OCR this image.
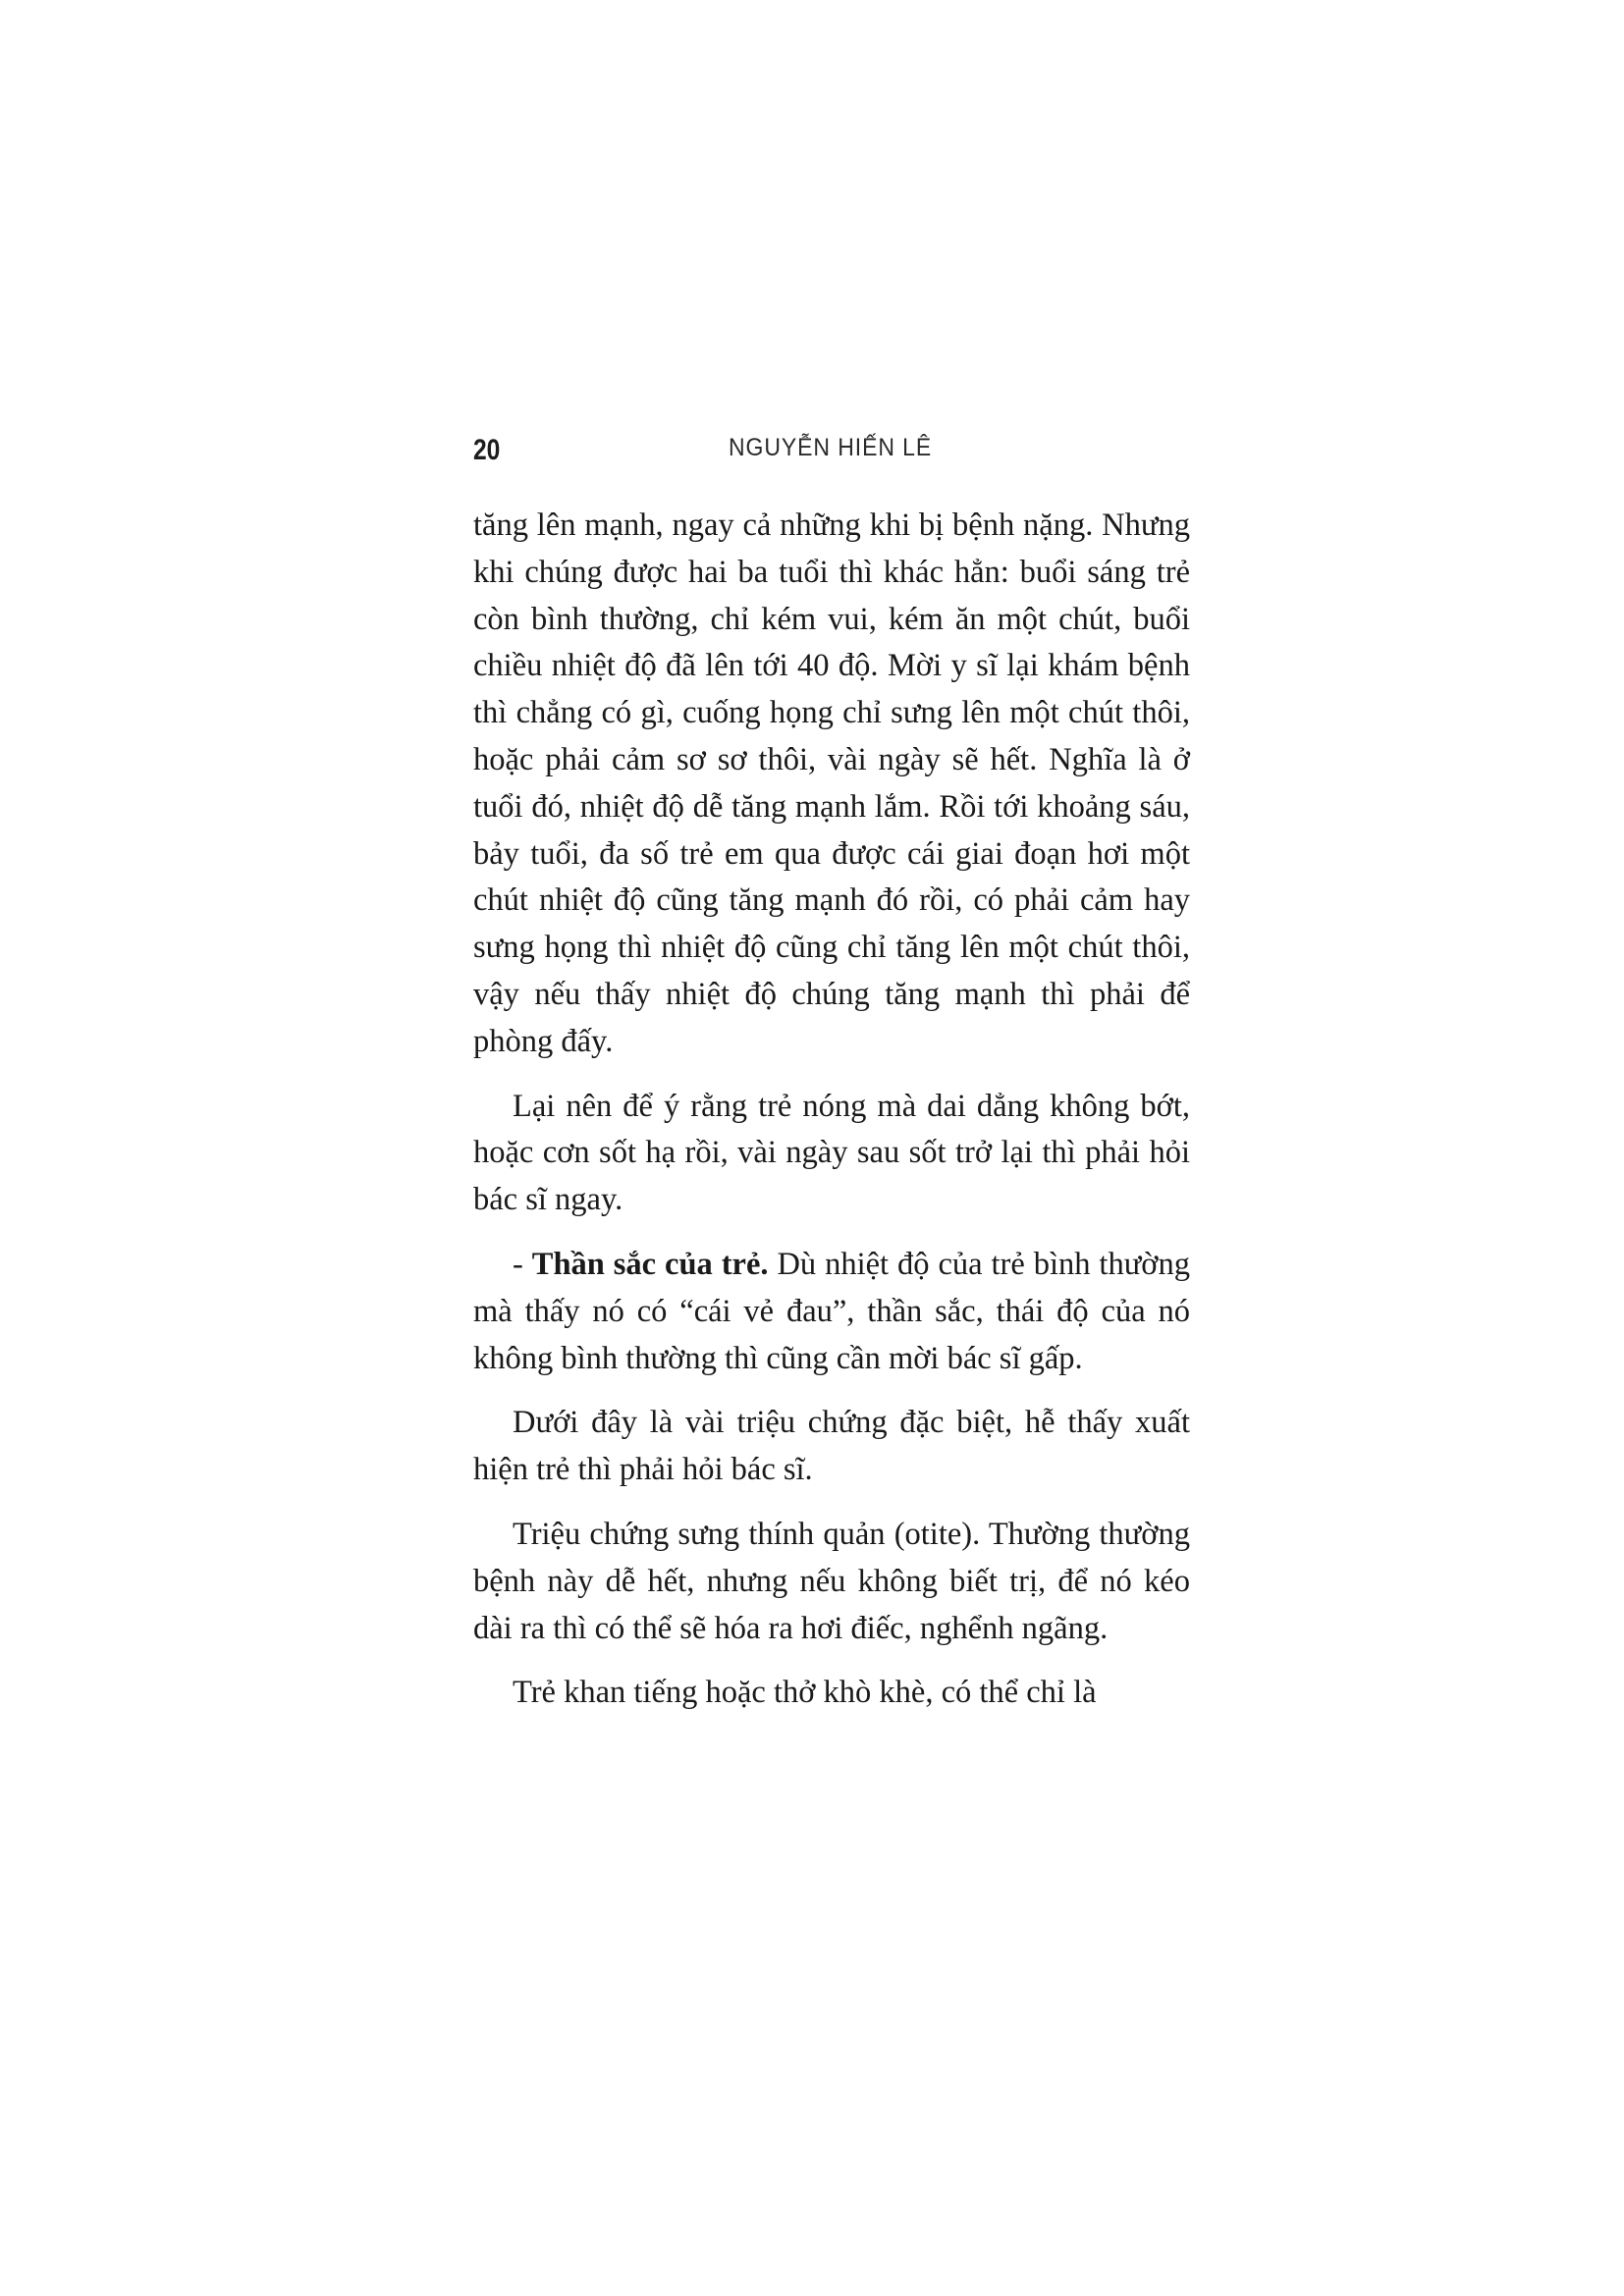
20	NGUYỄN HIẾN LÊ

tăng lên mạnh, ngay cả những khi bị bệnh nặng. Nhưng khi chúng được hai ba tuổi thì khác hẳn: buổi sáng trẻ còn bình thường, chỉ kém vui, kém ăn một chút, buổi chiều nhiệt độ đã lên tới 40 độ. Mời y sĩ lại khám bệnh thì chẳng có gì, cuống họng chỉ sưng lên một chút thôi, hoặc phải cảm sơ sơ thôi, vài ngày sẽ hết. Nghĩa là ở tuổi đó, nhiệt độ dễ tăng mạnh lắm. Rồi tới khoảng sáu, bảy tuổi, đa số trẻ em qua được cái giai đoạn hơi một chút nhiệt độ cũng tăng mạnh đó rồi, có phải cảm hay sưng họng thì nhiệt độ cũng chỉ tăng lên một chút thôi, vậy nếu thấy nhiệt độ chúng tăng mạnh thì phải để phòng đấy.

Lại nên để ý rằng trẻ nóng mà dai dẳng không bớt, hoặc cơn sốt hạ rồi, vài ngày sau sốt trở lại thì phải hỏi bác sĩ ngay.

- Thần sắc của trẻ. Dù nhiệt độ của trẻ bình thường mà thấy nó có “cái vẻ đau”, thần sắc, thái độ của nó không bình thường thì cũng cần mời bác sĩ gấp.

Dưới đây là vài triệu chứng đặc biệt, hễ thấy xuất hiện trẻ thì phải hỏi bác sĩ.

Triệu chứng sưng thính quản (otite). Thường thường bệnh này dễ hết, nhưng nếu không biết trị, để nó kéo dài ra thì có thể sẽ hóa ra hơi điếc, nghểnh ngãng.

Trẻ khan tiếng hoặc thở khò khè, có thể chỉ là
